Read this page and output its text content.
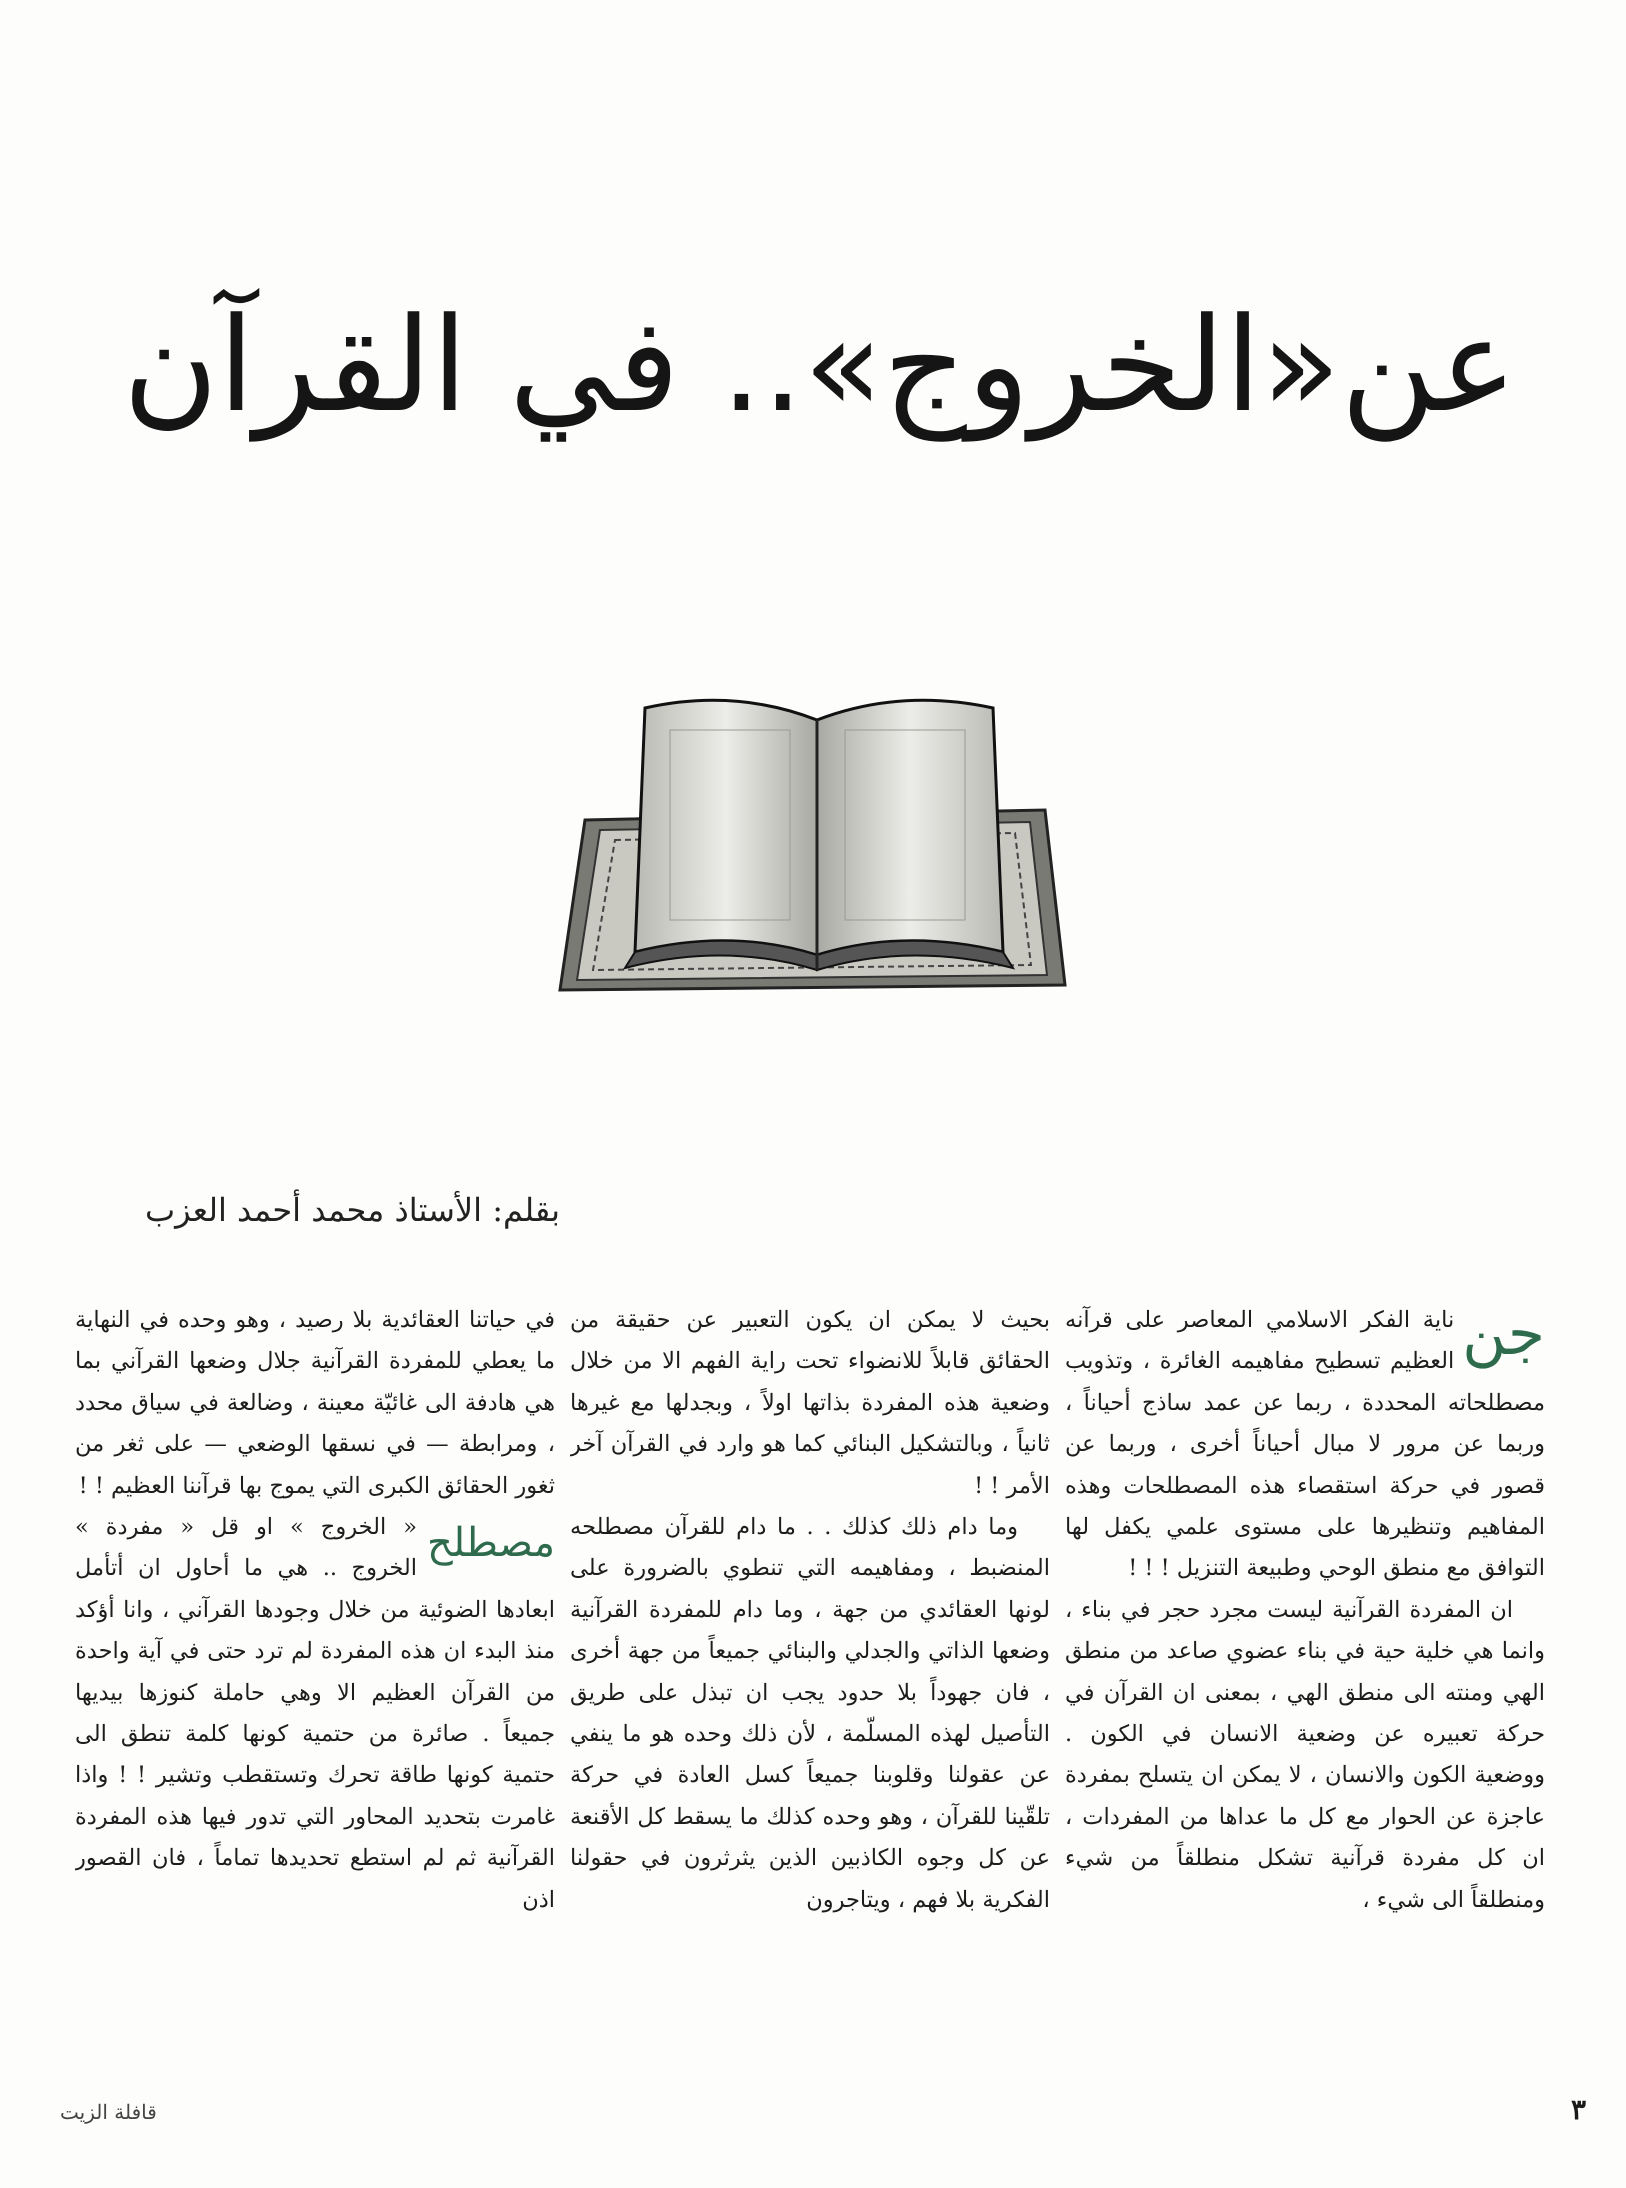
عن«الخروج».. في القرآن
بقلم: الأستاذ محمد أحمد العزب
جن

ناية الفكر الاسلامي المعاصر على قرآنه العظيم تسطيح مفاهيمه الغائرة ، وتذويب مصطلحاته المحددة ، ربما عن عمد ساذج أحياناً ، وربما عن مرور لا مبال أحياناً أخرى ، وربما عن قصور في حركة استقصاء هذه المصطلحات وهذه المفاهيم وتنظيرها على مستوى علمي يكفل لها التوافق مع منطق الوحي وطبيعة التنزيل ! ! !

ان المفردة القرآنية ليست مجرد حجر في بناء ، وانما هي خلية حية في بناء عضوي صاعد من منطق الهي ومنته الى منطق الهي ، بمعنى ان القرآن في حركة تعبيره عن وضعية الانسان في الكون . ووضعية الكون والانسان ، لا يمكن ان يتسلح بمفردة عاجزة عن الحوار مع كل ما عداها من المفردات ، ان كل مفردة قرآنية تشكل منطلقاً من شيء ومنطلقاً الى شيء ،

بحيث لا يمكن ان يكون التعبير عن حقيقة من الحقائق قابلاً للانضواء تحت راية الفهم الا من خلال وضعية هذه المفردة بذاتها اولاً ، وبجدلها مع غيرها ثانياً ، وبالتشكيل البنائي كما هو وارد في القرآن آخر الأمر ! !

وما دام ذلك كذلك . . ما دام للقرآن مصطلحه المنضبط ، ومفاهيمه التي تنطوي بالضرورة على لونها العقائدي من جهة ، وما دام للمفردة القرآنية وضعها الذاتي والجدلي والبنائي جميعاً من جهة أخرى ، فان جهوداً بلا حدود يجب ان تبذل على طريق التأصيل لهذه المسلّمة ، لأن ذلك وحده هو ما ينفي عن عقولنا وقلوبنا جميعاً كسل العادة في حركة تلقّينا للقرآن ، وهو وحده كذلك ما يسقط كل الأقنعة عن كل وجوه الكاذبين الذين يثرثرون في حقولنا الفكرية بلا فهم ، ويتاجرون

في حياتنا العقائدية بلا رصيد ، وهو وحده في النهاية ما يعطي للمفردة القرآنية جلال وضعها القرآني بما هي هادفة الى غائيّة معينة ، وضالعة في سياق محدد ، ومرابطة — في نسقها الوضعي — على ثغر من ثغور الحقائق الكبرى التي يموج بها قرآننا العظيم ! !

مصطلح

« الخروج » او قل « مفردة » الخروج .. هي ما أحاول ان أتأمل ابعادها الضوئية من خلال وجودها القرآني ، وانا أؤكد منذ البدء ان هذه المفردة لم ترد حتى في آية واحدة من القرآن العظيم الا وهي حاملة كنوزها بيديها جميعاً . صائرة من حتمية كونها كلمة تنطق الى حتمية كونها طاقة تحرك وتستقطب وتشير ! ! واذا غامرت بتحديد المحاور التي تدور فيها هذه المفردة القرآنية ثم لم استطع تحديدها تماماً ، فان القصور اذن

٣
قافلة الزيت
